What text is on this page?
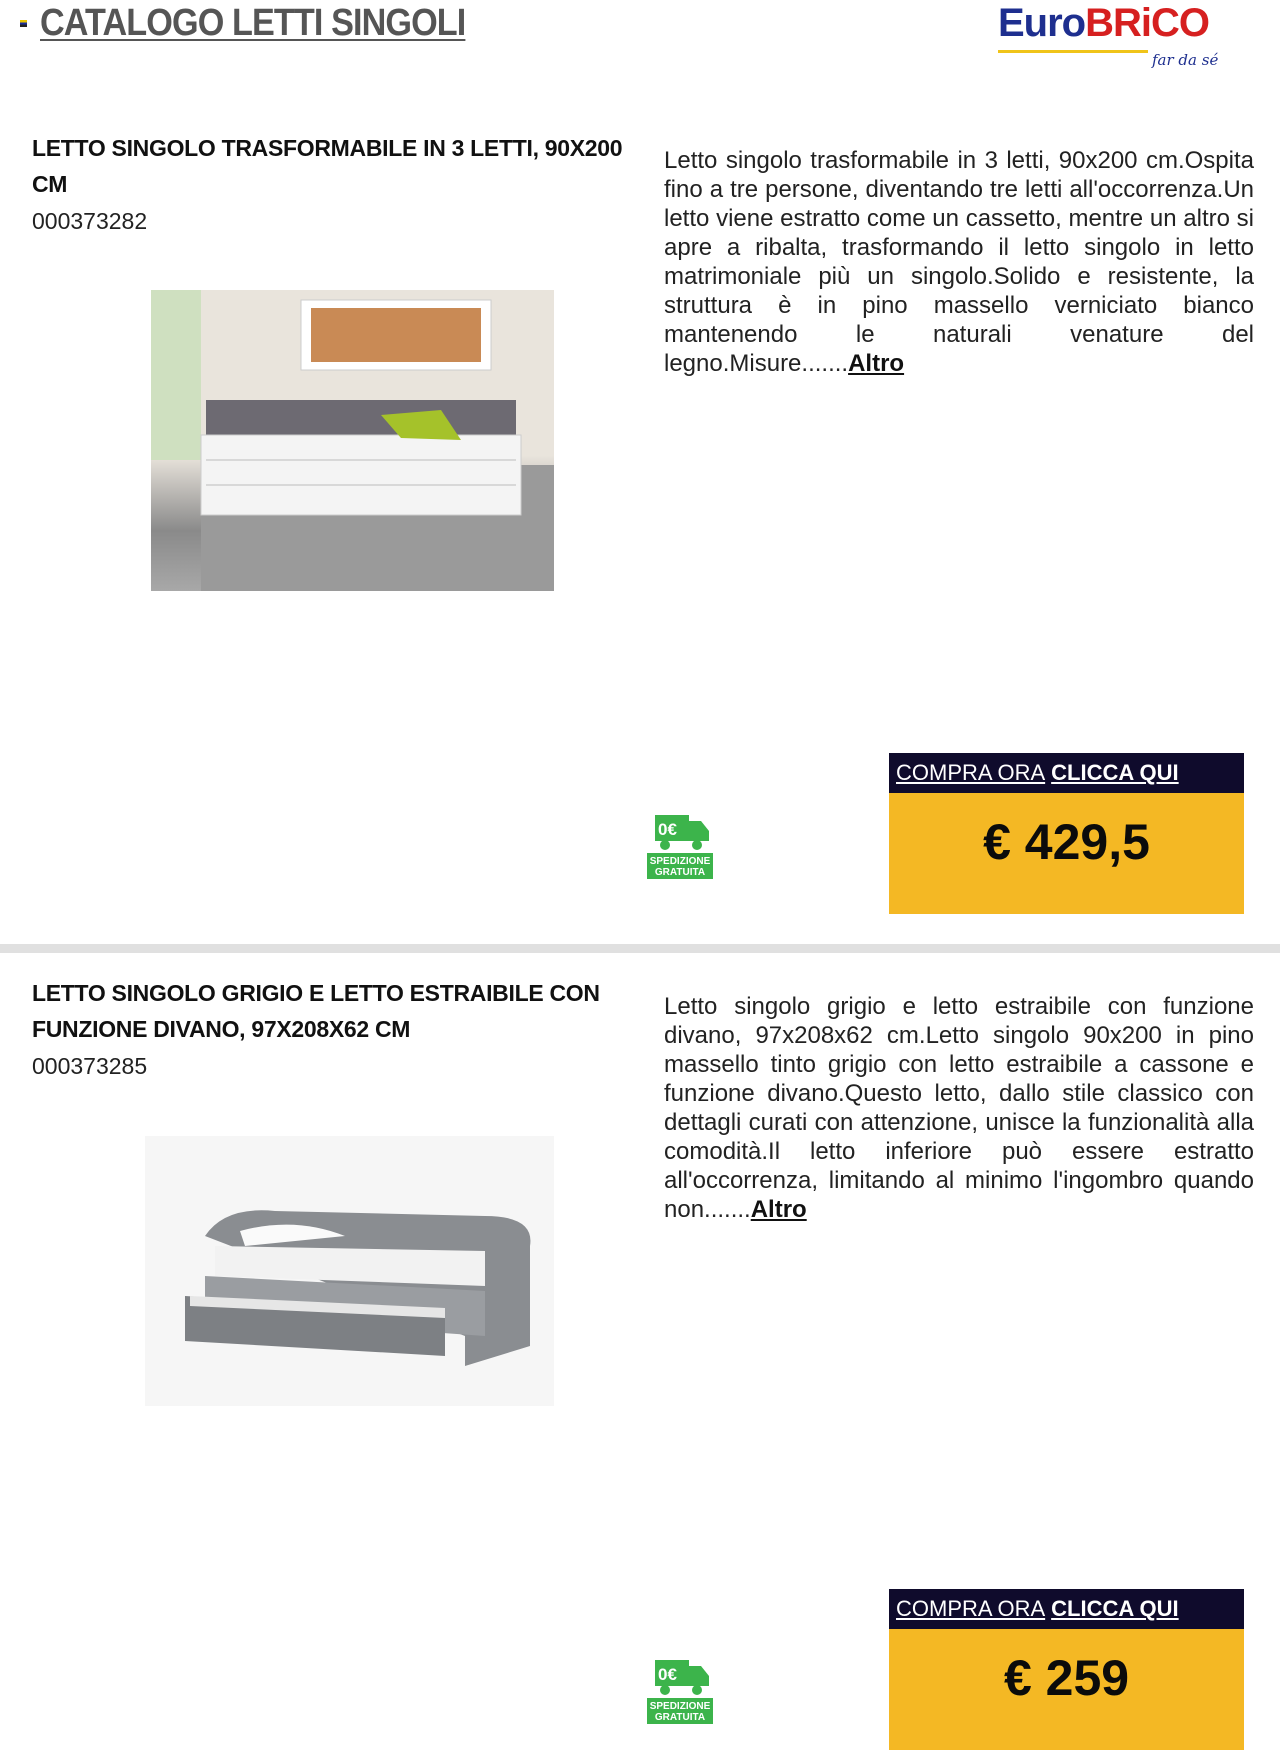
CATALOGO LETTI SINGOLI	EuroBRiCO
far da sé
LETTO SINGOLO TRASFORMABILE IN 3 LETTI, 90X200 CM
000373282
Letto singolo trasformabile in 3 letti, 90x200 cm.Ospita fino a tre persone, diventando tre letti all'occorrenza.Un letto viene estratto come un cassetto, mentre un altro si apre a ribalta, trasformando il letto singolo in letto matrimoniale più un singolo.Solido e resistente, la struttura è in pino massello verniciato bianco mantenendo le naturali venature del legno.Misure.......Altro
0€
SPEDIZIONE
GRATUITA
COMPRA ORA CLICCA QUI
€ 429,5
LETTO SINGOLO GRIGIO E LETTO ESTRAIBILE CON FUNZIONE DIVANO, 97X208X62 CM
000373285
Letto singolo grigio e letto estraibile con funzione divano, 97x208x62 cm.Letto singolo 90x200 in pino massello tinto grigio con letto estraibile a cassone e funzione divano.Questo letto, dallo stile classico con dettagli curati con attenzione, unisce la funzionalità alla comodità.Il letto inferiore può essere estratto all'occorrenza, limitando al minimo l'ingombro quando non.......Altro
0€
SPEDIZIONE
GRATUITA
COMPRA ORA CLICCA QUI
€ 259
